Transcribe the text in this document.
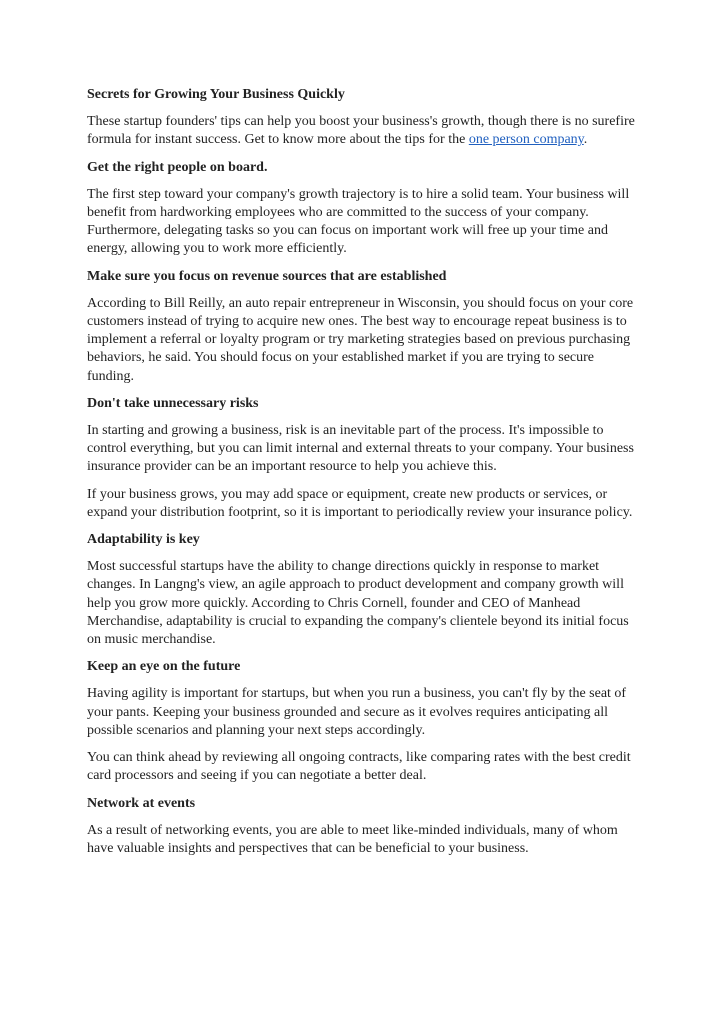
Secrets for Growing Your Business Quickly

These startup founders' tips can help you boost your business's growth, though there is no surefire formula for instant success. Get to know more about the tips for the one person company.

Get the right people on board.

The first step toward your company's growth trajectory is to hire a solid team. Your business will benefit from hardworking employees who are committed to the success of your company. Furthermore, delegating tasks so you can focus on important work will free up your time and energy, allowing you to work more efficiently.

Make sure you focus on revenue sources that are established

According to Bill Reilly, an auto repair entrepreneur in Wisconsin, you should focus on your core customers instead of trying to acquire new ones. The best way to encourage repeat business is to implement a referral or loyalty program or try marketing strategies based on previous purchasing behaviors, he said. You should focus on your established market if you are trying to secure funding.

Don't take unnecessary risks

In starting and growing a business, risk is an inevitable part of the process. It's impossible to control everything, but you can limit internal and external threats to your company. Your business insurance provider can be an important resource to help you achieve this.

If your business grows, you may add space or equipment, create new products or services, or expand your distribution footprint, so it is important to periodically review your insurance policy.

Adaptability is key

Most successful startups have the ability to change directions quickly in response to market changes. In Langng's view, an agile approach to product development and company growth will help you grow more quickly. According to Chris Cornell, founder and CEO of Manhead Merchandise, adaptability is crucial to expanding the company's clientele beyond its initial focus on music merchandise.

Keep an eye on the future

Having agility is important for startups, but when you run a business, you can't fly by the seat of your pants. Keeping your business grounded and secure as it evolves requires anticipating all possible scenarios and planning your next steps accordingly.

You can think ahead by reviewing all ongoing contracts, like comparing rates with the best credit card processors and seeing if you can negotiate a better deal.

Network at events

As a result of networking events, you are able to meet like-minded individuals, many of whom have valuable insights and perspectives that can be beneficial to your business.
